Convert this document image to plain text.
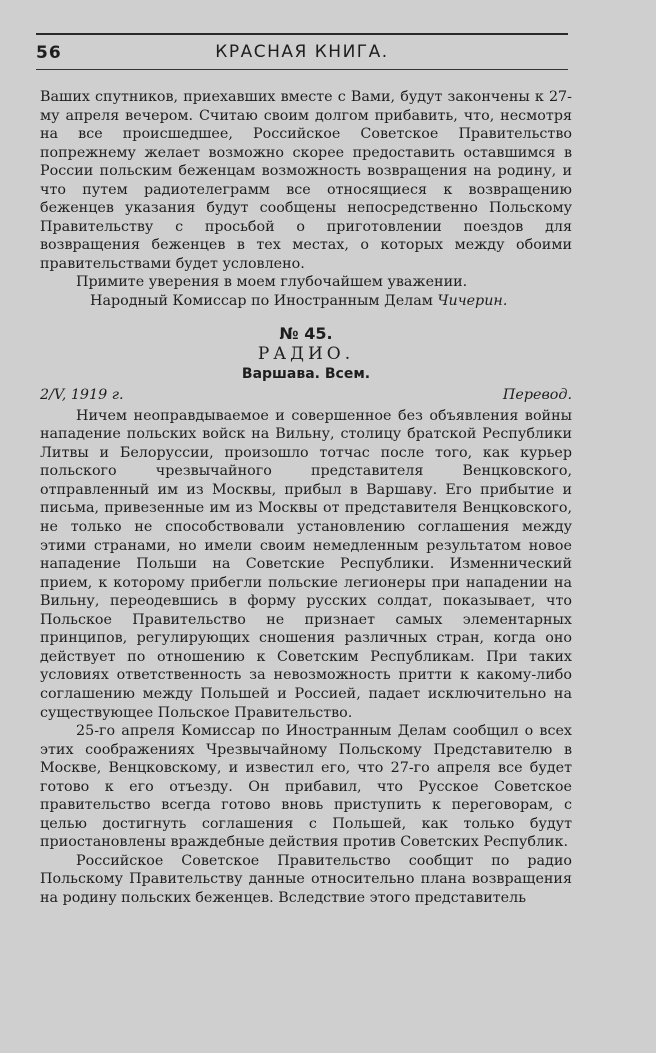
56	КРАСНАЯ КНИГА.

Ваших спутников, приехавших вместе с Вами, будут закончены к 27-му апреля вечером. Считаю своим долгом прибавить, что, несмотря на все происшедшее, Российское Советское Правительство попрежнему желает возможно скорее предоставить оставшимся в России польским беженцам возможность возвращения на родину, и что путем радиотелеграмм все относящиеся к возвращению беженцев указания будут сообщены непосредственно Польскому Правительству с просьбой о приготовлении поездов для возвращения беженцев в тех местах, о которых между обоими правительствами будет условлено.

Примите уверения в моем глубочайшем уважении.

Народный Комиссар по Иностранным Делам Чичерин.

№ 45.

РАДИО.

Варшава. Всем.

2/V, 1919 г.	Перевод.

Ничем неоправдываемое и совершенное без объявления войны нападение польских войск на Вильну, столицу братской Республики Литвы и Белоруссии, произошло тотчас после того, как курьер польского чрезвычайного представителя Венцковского, отправленный им из Москвы, прибыл в Варшаву. Его прибытие и письма, привезенные им из Москвы от представителя Венцковского, не только не способствовали установлению соглашения между этими странами, но имели своим немедленным результатом новое нападение Польши на Советские Республики. Изменнический прием, к которому прибегли польские легионеры при нападении на Вильну, переодевшись в форму русских солдат, показывает, что Польское Правительство не признает самых элементарных принципов, регулирующих сношения различных стран, когда оно действует по отношению к Советским Республикам. При таких условиях ответственность за невозможность притти к какому-либо соглашению между Польшей и Россией, падает исключительно на существующее Польское Правительство.

25-го апреля Комиссар по Иностранным Делам сообщил о всех этих соображениях Чрезвычайному Польскому Представителю в Москве, Венцковскому, и известил его, что 27-го апреля все будет готово к его отъезду. Он прибавил, что Русское Советское правительство всегда готово вновь приступить к переговорам, с целью достигнуть соглашения с Польшей, как только будут приостановлены враждебные действия против Советских Республик.

Российское Советское Правительство сообщит по радио Польскому Правительству данные относительно плана возвращения на родину польских беженцев. Вследствие этого представитель
